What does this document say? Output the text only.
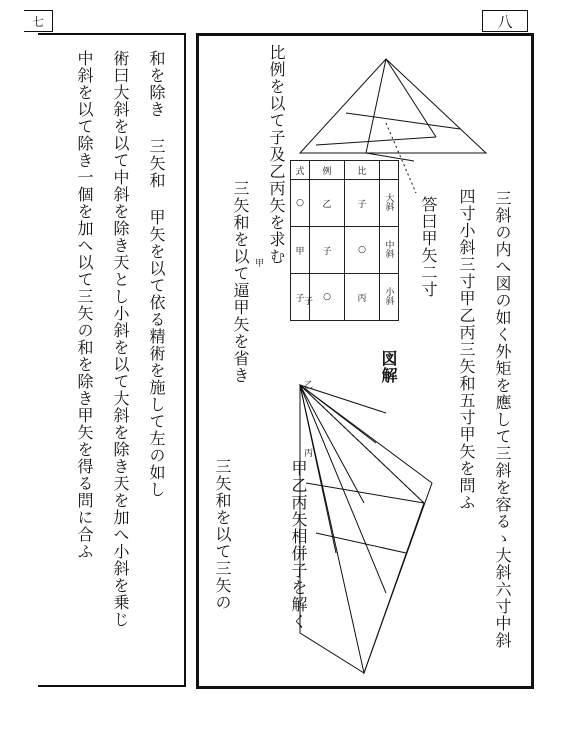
八
七
和を除き 三矢和 甲矢を以て依る精術を施して左の如し
術曰大斜を以て中斜を除き天とし小斜を以て大斜を除き天を加へ小斜を乗じ
中斜を以て除き一個を加へ以て三矢の和を除き甲矢を得る問に合ふ	三斜の内へ図の如く外矩を應して三斜を容るゝ大斜六寸中斜
四寸小斜三寸甲乙丙三矢和五寸甲矢を問ふ
答曰甲矢二寸
図解
比例を以て子及乙丙矢を求む
三矢和を以て三矢の
三矢和を以て逼甲矢を省き
甲乙丙矢相併子を解く
子
乙
丙
甲
式	例	比	
○	乙	子	大斜
甲	子	○	中斜
子	○	丙	小斜
